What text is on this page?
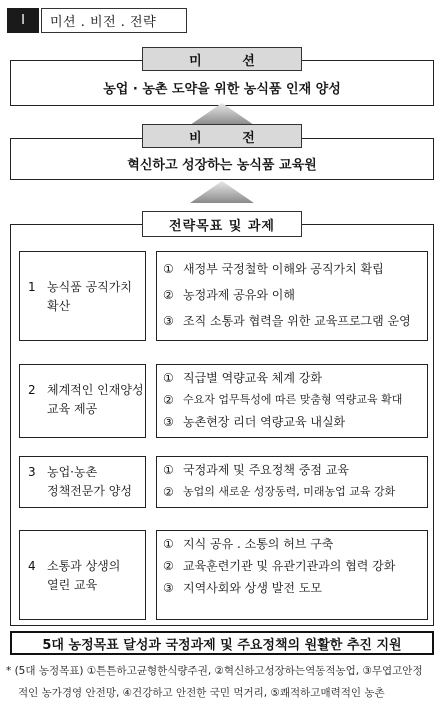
I	미션 . 비전 . 전략
농업 · 농촌 도약을 위한 농식품 인재 양성
미 션
혁신하고 성장하는 농식품 교육원
비 전
전략목표 및 과제
1 농식품 공직가치
확산
① 새정부 국정철학 이해와 공직가치 확립
② 농정과제 공유와 이해
③ 조직 소통과 협력을 위한 교육프로그램 운영
2 체계적인 인재양성
교육 제공
① 직급별 역량교육 체계 강화
② 수요자 업무특성에 따른 맞춤형 역량교육 확대
③ 농촌현장 리더 역량교육 내실화
3 농업·농촌
정책전문가 양성
① 국정과제 및 주요정책 중점 교육
② 농업의 새로운 성장동력, 미래농업 교육 강화
4 소통과 상생의
열린 교육
① 지식 공유 . 소통의 허브 구축
② 교육훈련기관 및 유관기관과의 협력 강화
③ 지역사회와 상생 발전 도모
5대 농정목표 달성과 국정과제 및 주요정책의 원활한 추진 지원
* (5대 농정목표) ①튼튼하고균형한식량주권, ②혁신하고성장하는역동적농업, ③무엽고안정
적인 농가경영 안전망, ④건강하고 안전한 국민 먹거리, ⑤쾌적하고매력적인 농촌
